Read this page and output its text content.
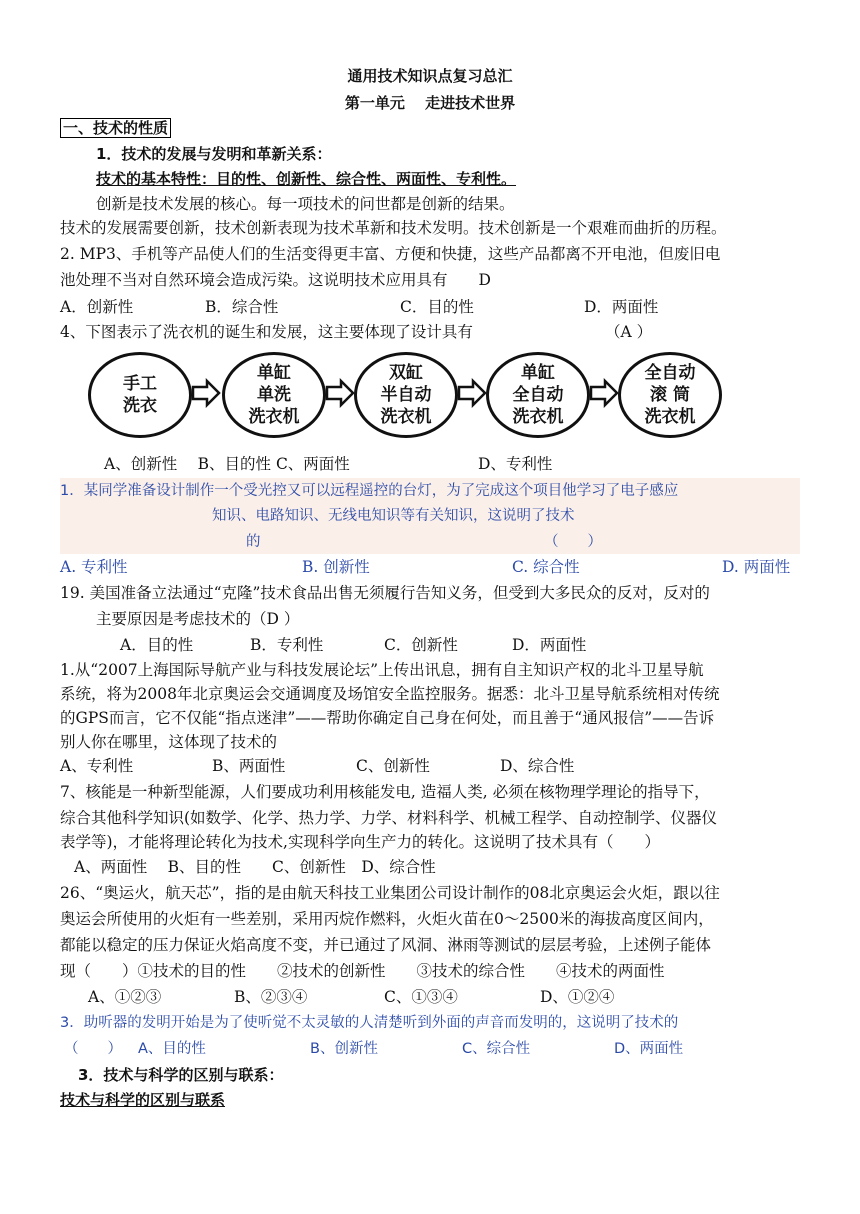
通用技术知识点复习总汇
第一单元　 走进技术世界
一、技术的性质
1．技术的发展与发明和革新关系：
技术的基本特性：目的性、创新性、综合性、两面性、专利性。
创新是技术发展的核心。每一项技术的问世都是创新的结果。
技术的发展需要创新，技术创新表现为技术革新和技术发明。技术创新是一个艰难而曲折的历程。
2. MP3、手机等产品使人们的生活变得更丰富、方便和快捷，这些产品都离不开电池，但废旧电
池处理不当对自然环境会造成污染。这说明技术应用具有　　D
A．创新性	B．综合性	C．目的性	D．两面性
4、下图表示了洗衣机的诞生和发展，这主要体现了设计具有	（A ）
手工
洗衣
单缸
单洗
洗衣机
双缸
半自动
洗衣机
单缸
全自动
洗衣机
全自动
滚 筒
洗衣机
A、创新性　 B、目的性 C、两面性	D、专利性
1．某同学准备设计制作一个受光控又可以远程遥控的台灯，为了完成这个项目他学习了电子感应
知识、电路知识、无线电知识等有关知识，这说明了技术
的	（　　）
A. 专利性	B. 创新性	C. 综合性	D. 两面性
19. 美国准备立法通过“克隆”技术食品出售无须履行告知义务，但受到大多民众的反对，反对的
主要原因是考虑技术的（D ）
A．目的性	B．专利性	C．创新性	D．两面性
1.从“2007上海国际导航产业与科技发展论坛”上传出讯息，拥有自主知识产权的北斗卫星导航
系统，将为2008年北京奥运会交通调度及场馆安全监控服务。据悉：北斗卫星导航系统相对传统
的GPS而言，它不仅能“指点迷津”——帮助你确定自己身在何处，而且善于“通风报信”——告诉
别人你在哪里，这体现了技术的
A、专利性	B、两面性	C、创新性	D、综合性
7、核能是一种新型能源，人们要成功利用核能发电, 造福人类, 必须在核物理学理论的指导下，
综合其他科学知识(如数学、化学、热力学、力学、材料科学、机械工程学、自动控制学、仪器仪
表学等)，才能将理论转化为技术,实现科学向生产力的转化。这说明了技术具有（　　）
A、两面性　 B、目的性　　C、创新性　D、综合性
26、“奥运火，航天芯”，指的是由航天科技工业集团公司设计制作的08北京奥运会火炬，跟以往
奥运会所使用的火炬有一些差别，采用丙烷作燃料，火炬火苗在0～2500米的海拔高度区间内，
都能以稳定的压力保证火焰高度不变，并已通过了风洞、淋雨等测试的层层考验，上述例子能体
现（　　）①技术的目的性　　②技术的创新性　　③技术的综合性　　④技术的两面性
A、①②③	B、②③④	C、①③④	D、①②④
3．助听器的发明开始是为了使听觉不太灵敏的人清楚听到外面的声音而发明的，这说明了技术的
（　　） A、目的性	B、创新性	C、综合性	D、两面性
3．技术与科学的区别与联系：
技术与科学的区别与联系
